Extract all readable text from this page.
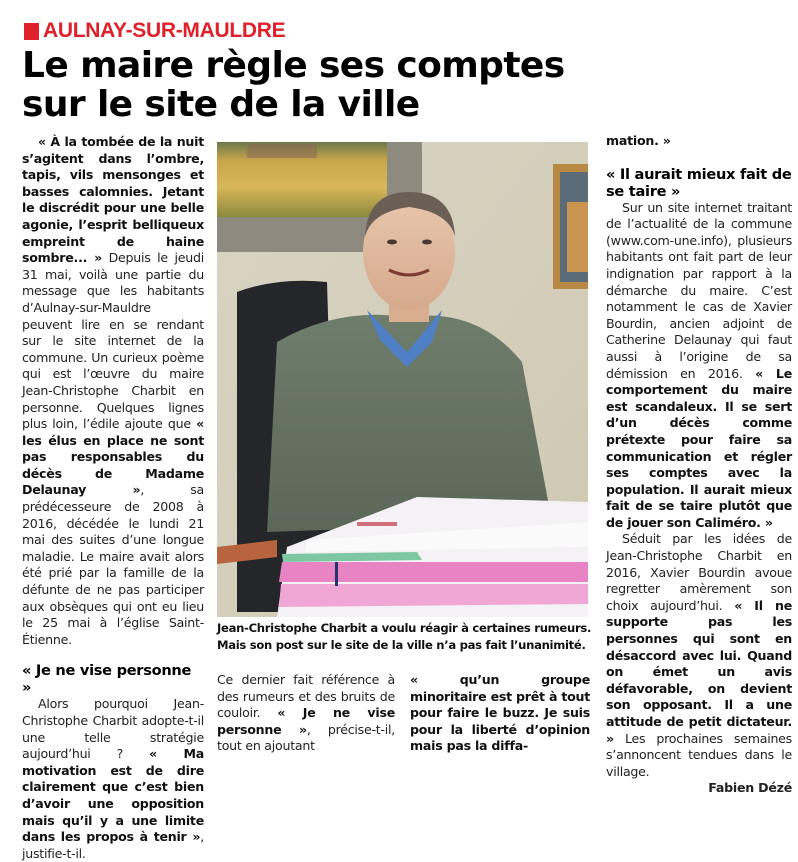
AULNAY-SUR-MAULDRE
Le maire règle ses comptes
sur le site de la ville

« À la tombée de la nuit s’agitent dans l’ombre, tapis, vils mensonges et basses calomnies. Jetant le discrédit pour une belle agonie, l’esprit belliqueux empreint de haine sombre... » Depuis le jeudi 31 mai, voilà une partie du message que les habitants d’Aulnay-sur-Mauldre peuvent lire en se rendant sur le site internet de la commune. Un curieux poème qui est l’œuvre du maire Jean-Christophe Charbit en personne. Quelques lignes plus loin, l’édile ajoute que « les élus en place ne sont pas responsables du décès de Madame Delaunay », sa prédécesseure de 2008 à 2016, décédée le lundi 21 mai des suites d’une longue maladie. Le maire avait alors été prié par la famille de la défunte de ne pas participer aux obsèques qui ont eu lieu le 25 mai à l’église Saint-Étienne.

« Je ne vise personne »

Alors pourquoi Jean-Christophe Charbit adopte-t-il une telle stratégie aujourd’hui ? « Ma motivation est de dire clairement que c’est bien d’avoir une opposition mais qu’il y a une limite dans les propos à tenir », justifie-t-il.

Jean-Christophe Charbit a voulu réagir à certaines rumeurs.
Mais son post sur le site de la ville n’a pas fait l’unanimité.

Ce dernier fait référence à des rumeurs et des bruits de couloir. « Je ne vise personne », précise-t-il, tout en ajoutant

« qu’un groupe minoritaire est prêt à tout pour faire le buzz. Je suis pour la liberté d’opinion mais pas la diffa-

mation. »

« Il aurait mieux fait de se taire »

Sur un site internet traitant de l’actualité de la commune (www.com-une.info), plusieurs habitants ont fait part de leur indignation par rapport à la démarche du maire. C’est notamment le cas de Xavier Bourdin, ancien adjoint de Catherine Delaunay qui faut aussi à l’origine de sa démission en 2016. « Le comportement du maire est scandaleux. Il se sert d’un décès comme prétexte pour faire sa communication et régler ses comptes avec la population. Il aurait mieux fait de se taire plutôt que de jouer son Caliméro. »

Séduit par les idées de Jean-Christophe Charbit en 2016, Xavier Bourdin avoue regretter amèrement son choix aujourd’hui. « Il ne supporte pas les personnes qui sont en désaccord avec lui. Quand on émet un avis défavorable, on devient son opposant. Il a une attitude de petit dictateur. » Les prochaines semaines s’annoncent tendues dans le village.

Fabien Dézé
